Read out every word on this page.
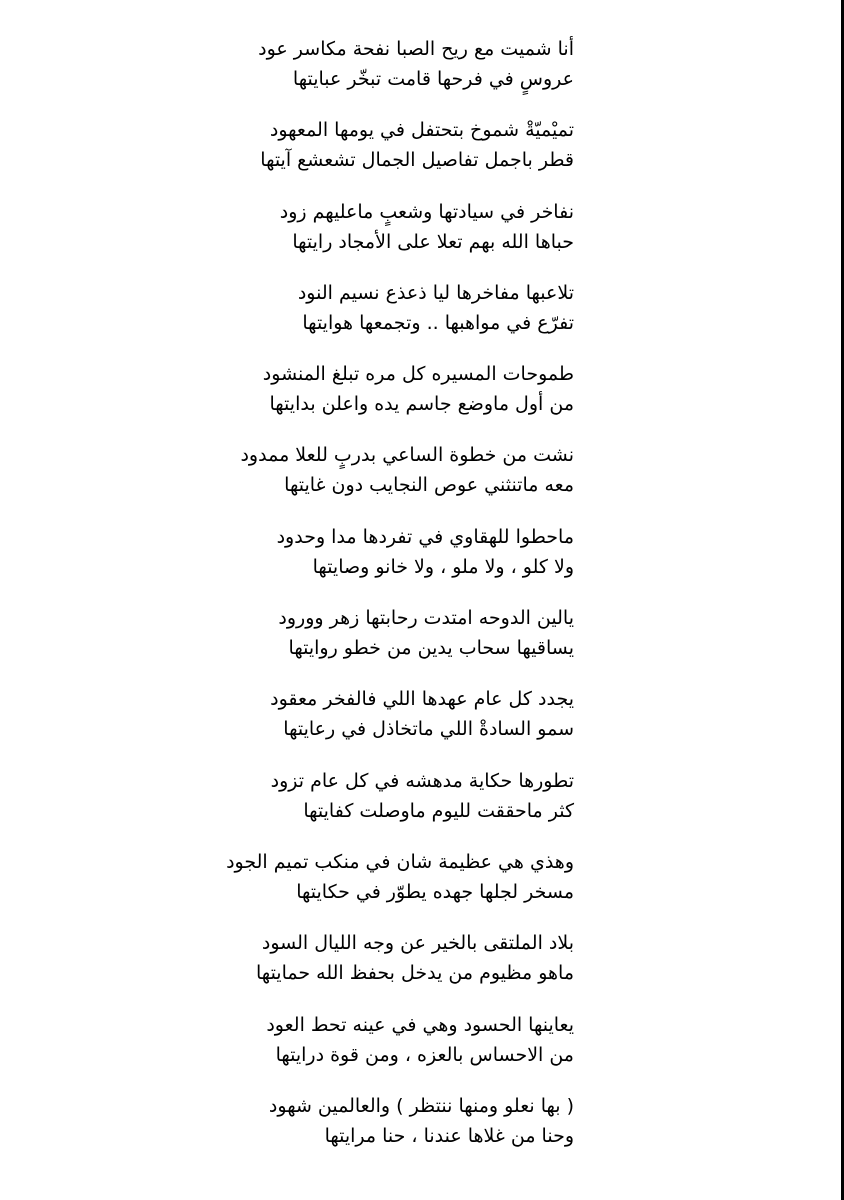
أنا شميت مع ريح الصبا نفحة مكاسر عود
عروسٍ في فرحها قامت تبخّر عبايتها
تميْميّةْ شموخ بتحتفل في يومها المعهود
قطر باجمل تفاصيل الجمال تشعشع آيتها
نفاخر في سيادتها وشعبٍ ماعليهم زود
حباها الله بهم تعلا على الأمجاد رايتها
تلاعبها مفاخرها ليا ذعذع نسيم النود
تفرّع في مواهبها .. وتجمعها هوايتها
طموحات المسيره كل مره تبلغ المنشود
من أول ماوضع جاسم يده واعلن بدايتها
نشت من خطوة الساعي بدربٍ للعلا ممدود
معه ماتنثني عوص النجايب دون غايتها
ماحطوا للهقاوي في تفردها مدا وحدود
ولا كلو ، ولا ملو ، ولا خانو وصايتها
يالين الدوحه امتدت رحابتها زهر وورود
يساقيها سحاب يدين من خطو روايتها
يجدد كل عام عهدها اللي فالفخر معقود
سمو السادةْ اللي ماتخاذل في رعايتها
تطورها حكاية مدهشه في كل عام تزود
كثر ماحققت لليوم ماوصلت كفايتها
وهذي هي عظيمة شان في منكب تميم الجود
مسخر لجلها جهده يطوّر في حكايتها
بلاد الملتقى بالخير عن وجه الليال السود
ماهو مظيوم من يدخل بحفظ الله حمايتها
يعاينها الحسود وهي في عينه تحط العود
من الاحساس بالعزه ، ومن قوة درايتها
( بها نعلو ومنها ننتظر ) والعالمين شهود
وحنا من غلاها عندنا ، حنا مرايتها
